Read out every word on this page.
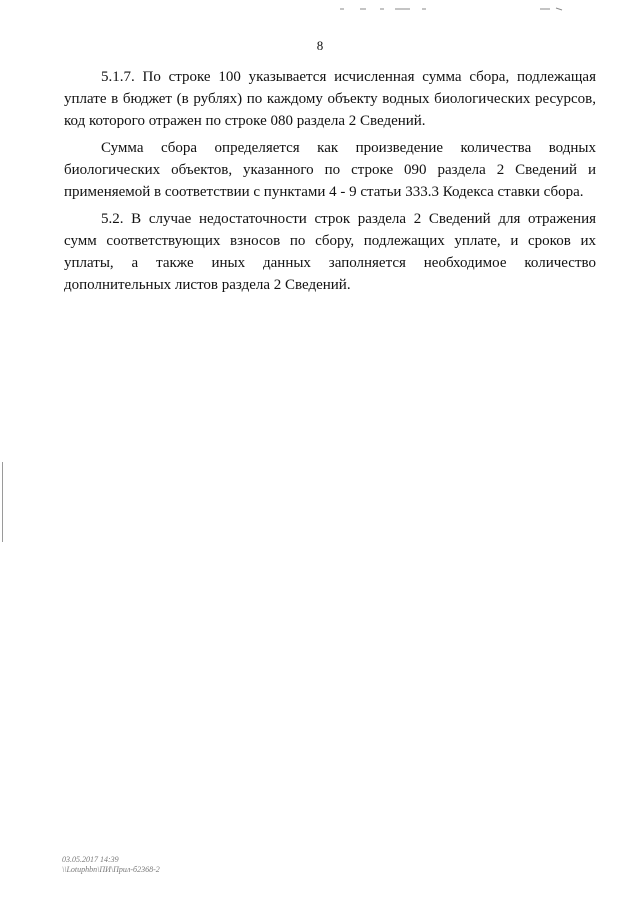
8

5.1.7. По строке 100 указывается исчисленная сумма сбора, подлежащая
уплате в бюджет (в рублях) по каждому объекту водных биологических ресурсов,
код которого отражен по строке 080 раздела 2 Сведений.

Сумма сбора определяется как произведение количества водных
биологических объектов, указанного по строке 090 раздела 2 Сведений и
применяемой в соответствии с пунктами 4 - 9 статьи 333.3 Кодекса ставки сбора.

5.2. В случае недостаточности строк раздела 2 Сведений для отражения
сумм соответствующих взносов по сбору, подлежащих уплате, и сроков их
уплаты, а также иных данных заполняется необходимое количество
дополнительных листов раздела 2 Сведений.

03.05.2017 14:39
\\Lotuphbn\ПИ\Прил-б2368-2
